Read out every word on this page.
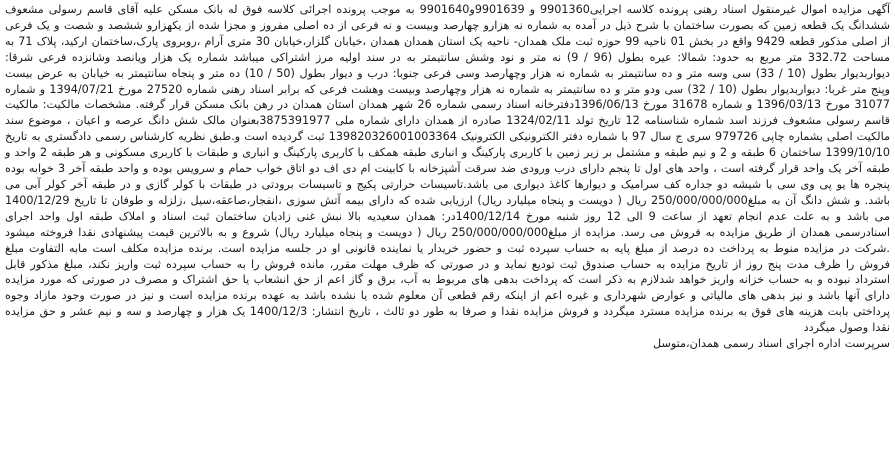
آگهی مزایده اموال غیرمنقول اسناد رهنی پرونده کلاسه اجرایی9901360 و 9901639و9901640 به موجب پرونده اجرائی کلاسه فوق له بانک مسکن علیه آقای قاسم رسولی مشعوف ششدانگ یک قطعه زمین که بصورت ساختمان با شرح ذیل در آمده به شماره نه هزارو چهارصد وبیست و نه فرعی از ده اصلی مفروز و مجزا شده از یکهزارو ششصد و شصت و یک فرعی از اصلی مذکور قطعه 9429 واقع در بخش 01 ناحیه 99 حوزه ثبت ملک همدان- ناحیه یک استان همدان همدان ،خیابان گلزار،خیابان 30 متری آرام ،روبروی پارک،ساختمان ارکید، پلاک 71 به مساحت 332.72 متر مربع به حدود: شمالا: عیره بطول (96 / 9) نه متر و نود وشش سانتیمتر به در سند اولیه مرز اشتراکی میباشد شماره یک هزار ویانصد وشانزده فرعی شرقا: دیواربدیوار بطول (10 / 33) سی وسه متر و ده سانتیمتر به شماره نه هزار وچهارصد وسی فرعی جنوبا: درب و دیوار بطول (50 / 10) ده متر و پنجاه سانتیمتر به خیابان به عرض بیست وپنج متر غربا: دیواربدیوار بطول (10 / 32) سی ودو متر و ده سانتیمتر به شماره نه هزار وچهارصد وبیست وهشت فرعی که برابر اسناد رهنی شماره 27520 مورخ 1394/07/21 و شماره 31077 مورخ 1396/03/13 و شماره 31678 مورخ 1396/06/13دفترخانه اسناد رسمی شماره 26 شهر همدان استان همدان در رهن بانک مسکن قرار گرفته. مشخصات مالکیت: مالکیت قاسم رسولی مشعوف فرزند اسد شماره شناسنامه 12 تاریخ تولد 1324/02/11 صادره از همدان دارای شماره ملی 3875391977بعنوان مالک شش دانگ عرصه و اعیان ، موضوع سند مالکیت اصلی بشماره چاپی 979726 سری ج سال 97 با شماره دفتر الکترونیکی الکترونیک 139820326001003364 ثبت گردیده است و.طبق نظریه کارشناس رسمی دادگستری به تاریخ 1399/10/10 ساختمان 6 طبقه و 2 و نیم طبقه و مشتمل بر زیر زمین با کاربری پارکینگ و انباری طبقه همکف با کاربری پارکینگ و انباری و طبقات با کاربری مسکونی و هر طبقه 2 واحد و طبقه آخر یک واحد قرار گرفته است ، واحد های اول تا پنجم دارای درب ورودی ضد سرقت آشپزخانه با کابینت ام دی اف دو اتاق خواب حمام و سرویس بوده و واحد طبقه آخر 3 خوابه بوده پنجره ها یو پی وی سی با شیشه دو جداره کف سرامیک و دیوارها کاغذ دیواری می باشد.تاسیسات حرارتی پکیج و تاسیسات برودتی در طبقات با کولر گازی و در طبقه آخر کولر آبی می باشد. و شش دانگ آن به مبلغ250/000/000/000 ریال ( دویست و پنجاه میلیارد ریال) ارزیابی شده که دارای بیمه آتش سوزی ،انفجار،صاعقه،سیل ،زلزله و طوفان تا تاریخ 1400/12/29 می باشد و به علت عدم انجام تعهد از ساعت 9 الی 12 روز شنبه مورخ 1400/12/14در: همدان سعیدیه بالا نبش غنی زادیان ساختمان ثبت اسناد و املاک طبقه اول واحد اجرای اسنادرسمی همدان از طریق مزایده به فروش می رسد. مزایده از مبلغ250/000/000/000 ریال ( دویست و پنجاه میلیارد ریال) شروع و به بالاترین قیمت پیشنهادی نقدا فروخته میشود .شرکت در مزایده منوط به پرداخت ده درصد از مبلغ پایه به حساب سپرده ثبت و حضور خریدار یا نماینده قانونی او در جلسه مزایده است. برنده مزایده مکلف است مابه التفاوت مبلغ فروش را ظرف مدت پنج روز از تاریخ مزایده به حساب صندوق ثبت تودیع نماید و در صورتی که ظرف مهلت مقرر، مانده فروش را به حساب سپرده ثبت واریز نکند، مبلغ مذکور قابل استرداد نبوده و به حساب خزانه واریز خواهد شدلازم به ذکر است که پرداخت بدهی های مربوط به آب، برق و گاز اعم از حق انشعاب یا حق اشتراک و مصرف در صورتی که مورد مزایده دارای آنها باشد و نیز بدهی های مالیاتی و عوارض شهرداری و غیره اعم از اینکه رقم قطعی آن معلوم شده یا نشده باشد به عهده برنده مزایده است و نیز در صورت وجود مازاد وجوه پرداختی بابت هزینه های فوق به برنده مزایده مسترد میگردد و فروش مزایده نقدا و صرفا به طور دو ثالث ، تاریخ انتشار: 1400/12/3 یک هزار و چهارصد و سه و نیم عشر و حق مزایده نقدا وصول میگردد

سرپرست اداره اجرای اسناد رسمی همدان،متوسل
